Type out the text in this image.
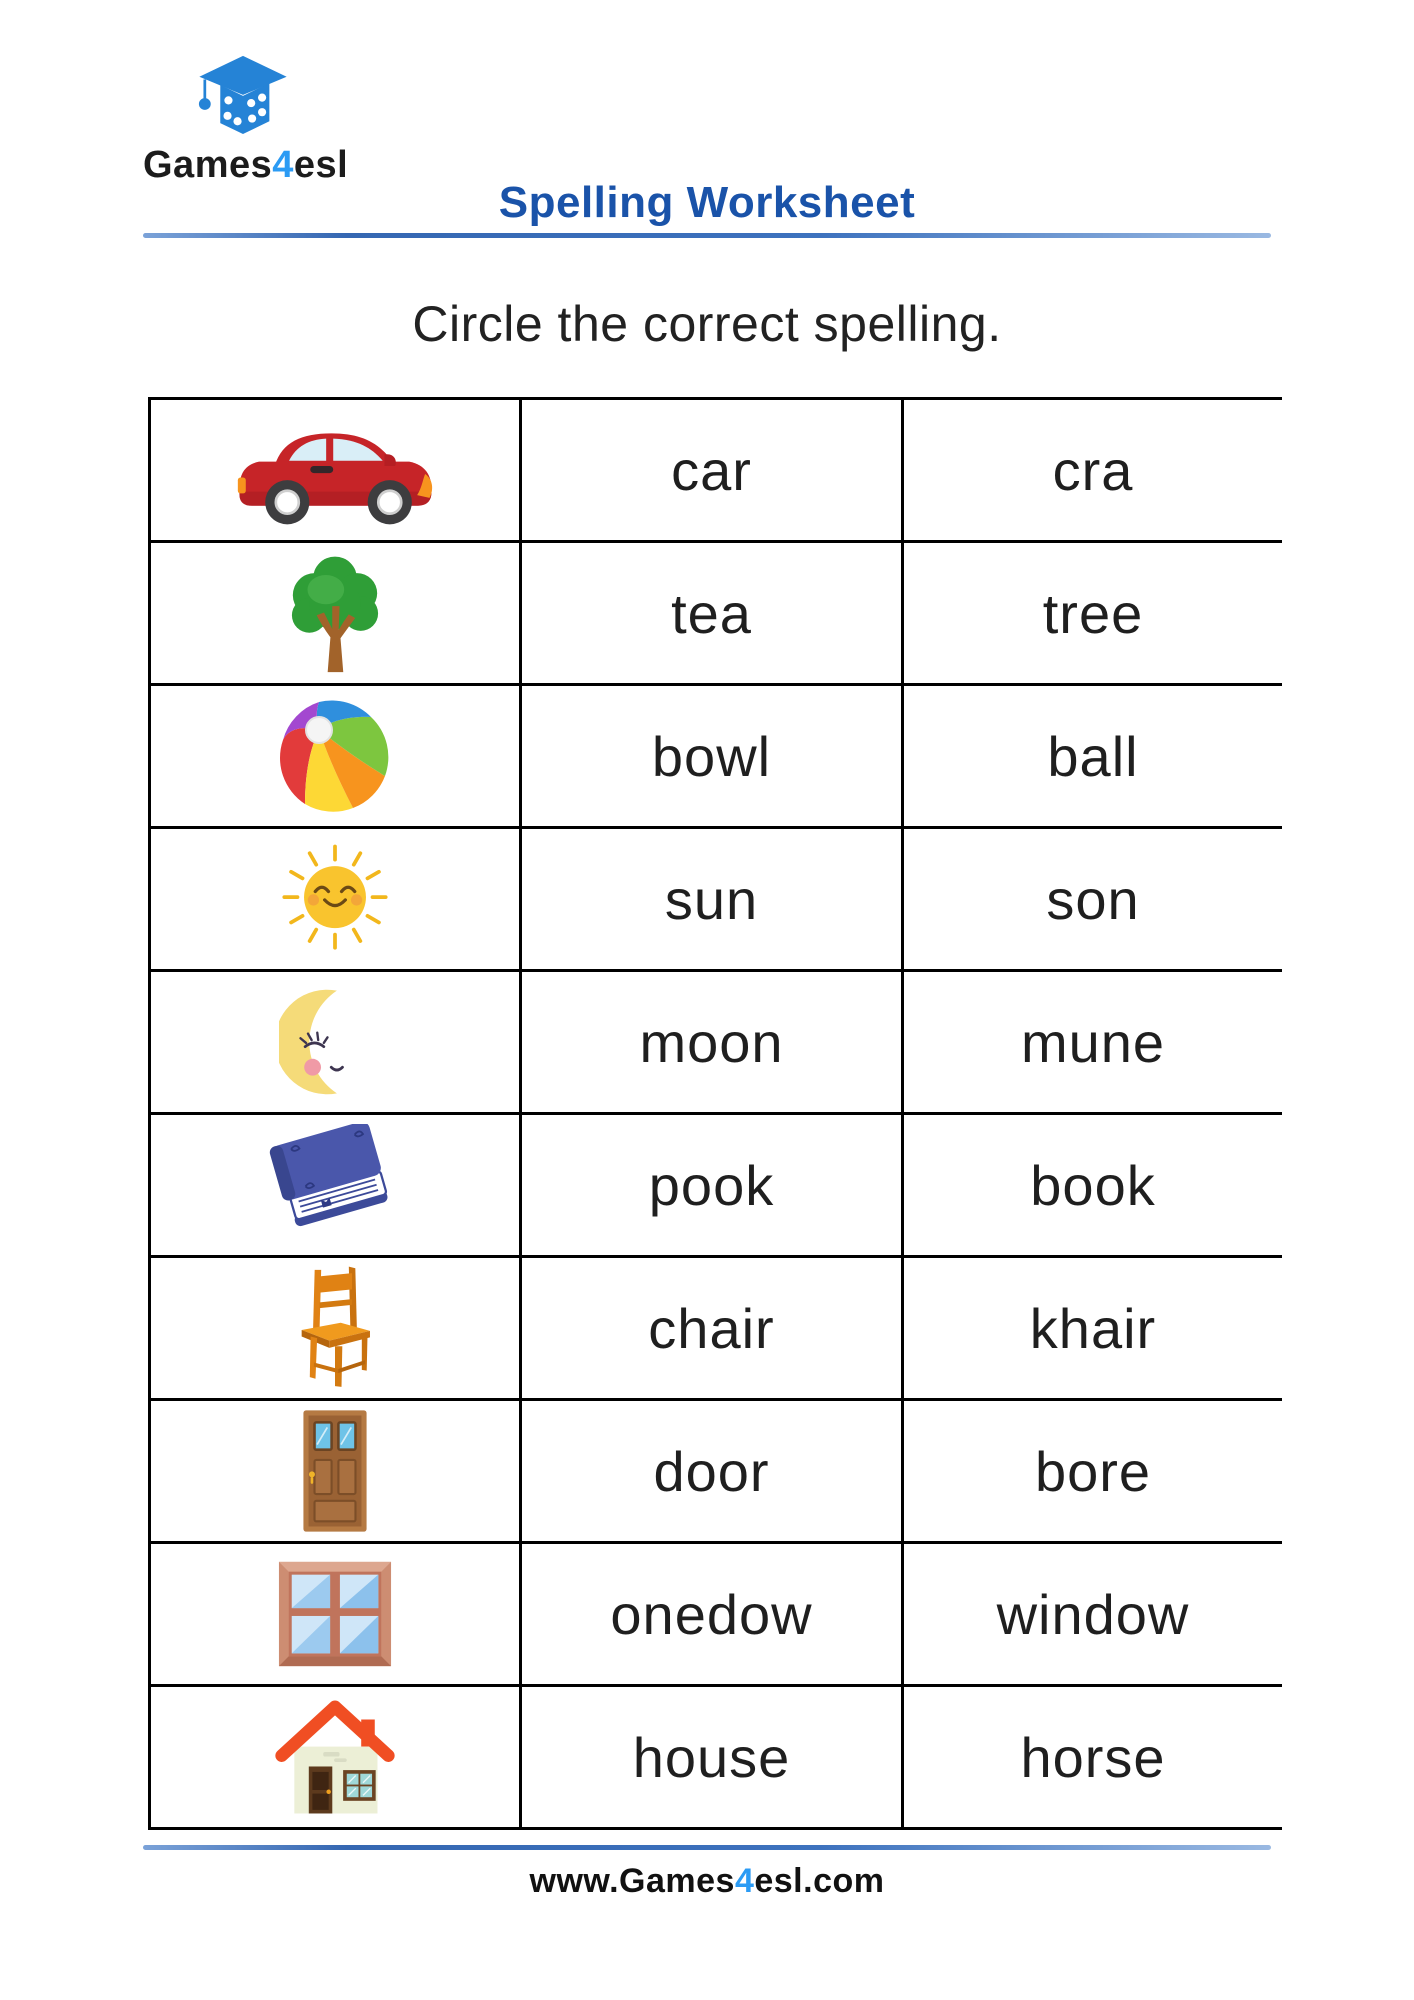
Games4esl
Spelling Worksheet
Circle the correct spelling.
car	cra
tea	tree
bowl	ball
sun	son
moon	mune
pook	book
chair	khair
door	bore
onedow	window
house	horse
www.Games4esl.com
